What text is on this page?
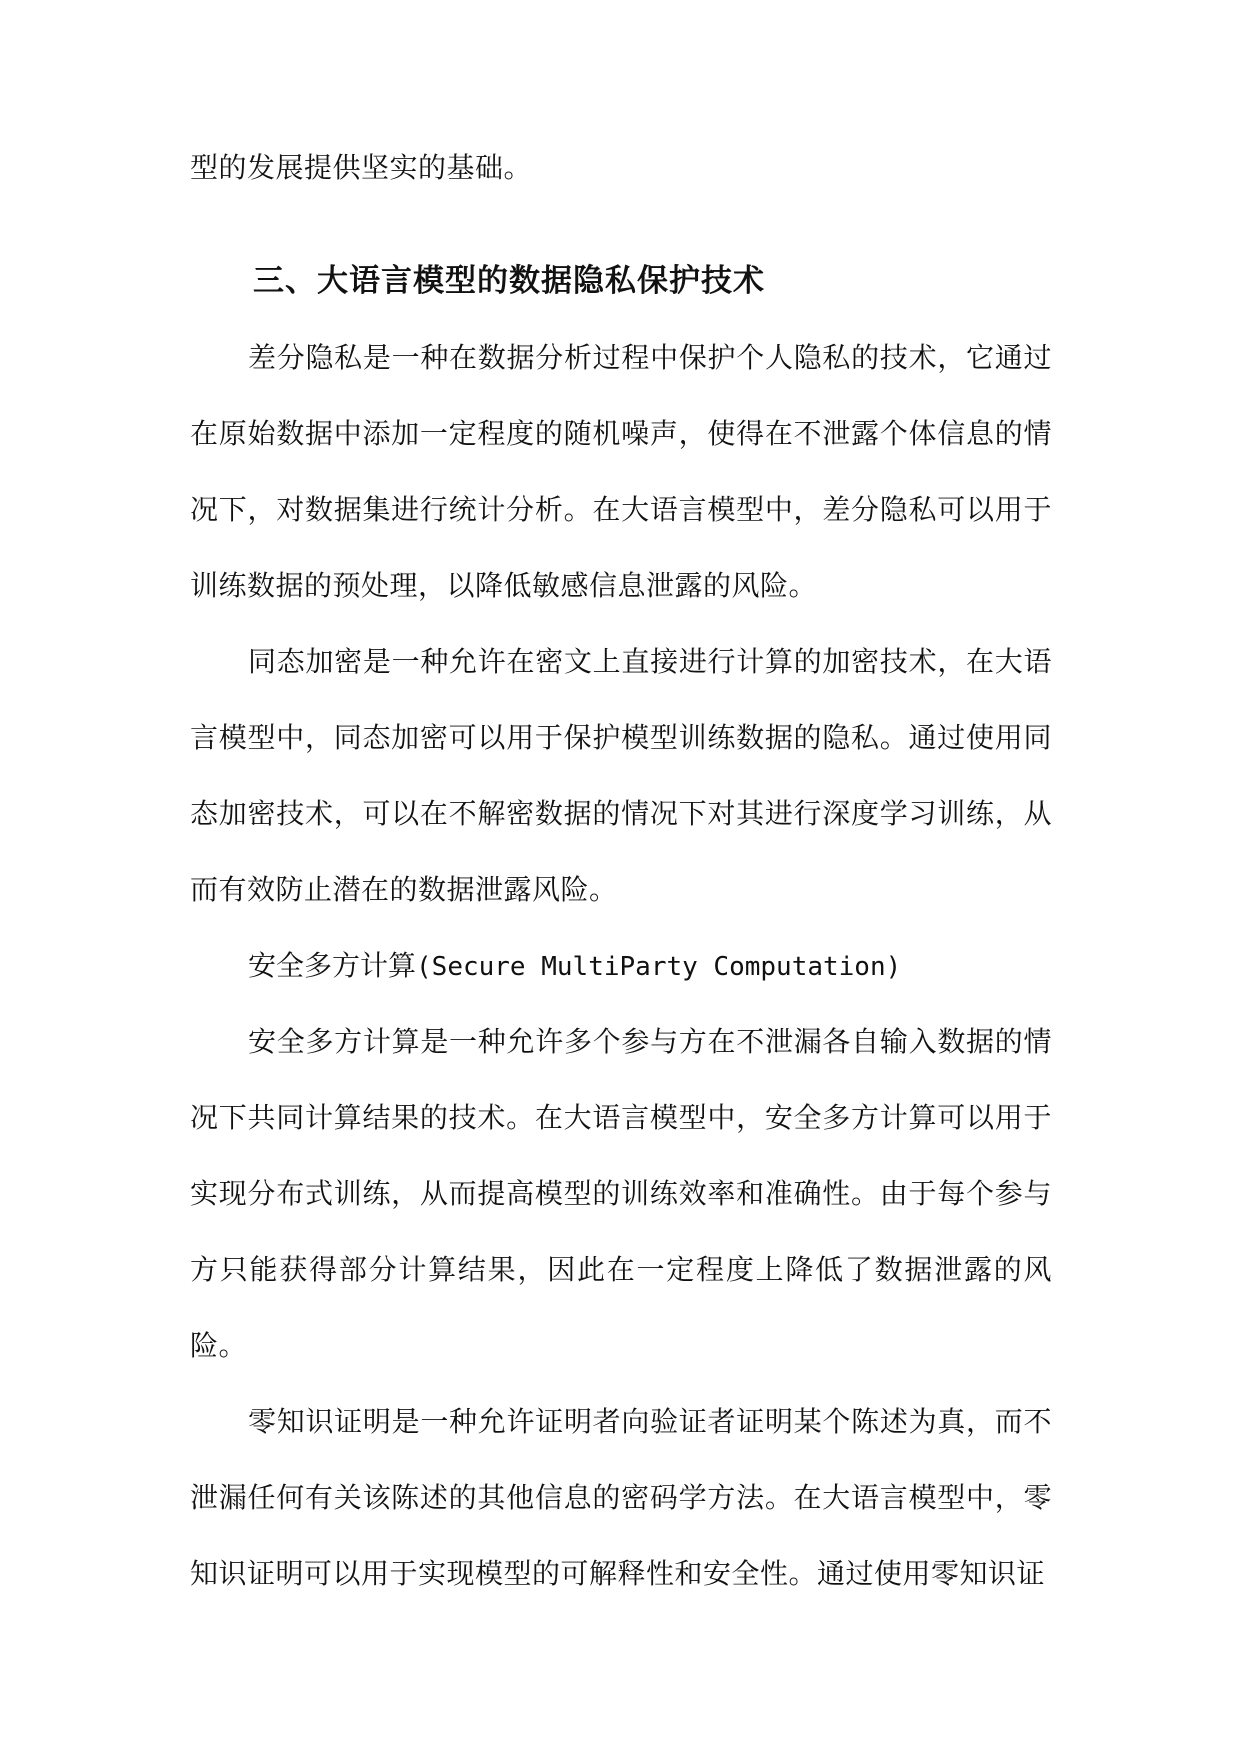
型的发展提供坚实的基础。
三、大语言模型的数据隐私保护技术
差分隐私是一种在数据分析过程中保护个人隐私的技术，它通过在原始数据中添加一定程度的随机噪声，使得在不泄露个体信息的情况下，对数据集进行统计分析。在大语言模型中，差分隐私可以用于训练数据的预处理，以降低敏感信息泄露的风险。
同态加密是一种允许在密文上直接进行计算的加密技术，在大语言模型中，同态加密可以用于保护模型训练数据的隐私。通过使用同态加密技术，可以在不解密数据的情况下对其进行深度学习训练，从而有效防止潜在的数据泄露风险。
安全多方计算(Secure MultiParty Computation)
安全多方计算是一种允许多个参与方在不泄漏各自输入数据的情况下共同计算结果的技术。在大语言模型中，安全多方计算可以用于实现分布式训练，从而提高模型的训练效率和准确性。由于每个参与方只能获得部分计算结果，因此在一定程度上降低了数据泄露的风险。
零知识证明是一种允许证明者向验证者证明某个陈述为真，而不泄漏任何有关该陈述的其他信息的密码学方法。在大语言模型中，零知识证明可以用于实现模型的可解释性和安全性。通过使用零知识证
